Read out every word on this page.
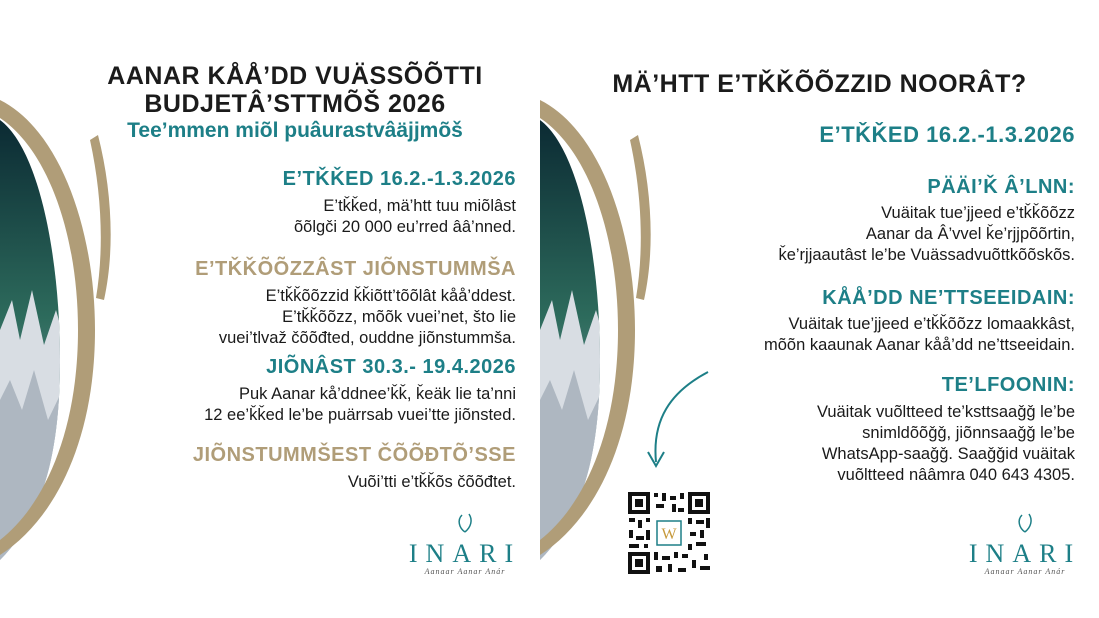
AANAR KÅÅ’DD VUÄSSÕÕTTI
BUDJETÂ’STTMÕŠ 2026
Tee’mmen miõl puâurastvâäjjmõš
E’TǨǨED 16.2.-1.3.2026
E’tǩǩed, mä’htt tuu miõlâst
õõlgči 20 000 eu’rred ââ’nned.
E’TǨǨÕÕZZÂST JIÕNSTUMMŠA
E’tǩǩõõzzid ǩǩiõtt’tõõlât kåå’ddest.
E’tǩǩõõzz, mõõk vuei’net, što lie
vuei’tlvaž čõõđted, ouddne jiõnstummša.
JIÕNÂST 30.3.- 19.4.2026
Puk Aanar kå’ddnee’ǩǩ, ǩeäk lie ta’nni
12 ee’ǩǩed le’be puärrsab vuei’tte jiõnsted.
JIÕNSTUMMŠEST ČÕÕĐTÕ’SSE
Vuõi’tti e’tǩǩõs čõõđtet.
INARI
Aanaar Aanar Anár
MÄ’HTT E’TǨǨÕÕZZID NOORÂT?
E’TǨǨED 16.2.-1.3.2026
PÄÄI’Ǩ Â’LNN:
Vuäitak tue’jjeed e’tǩǩõõzz
Aanar da Â’vvel ǩe’rjjpõõrtin,
ǩe’rjjaautâst le’be Vuässadvuõttkõõskõs.
KÅÅ’DD NE’TTSEEIDAIN:
Vuäitak tue’jjeed e’tǩǩõõzz lomaakkâst,
mõõn kaaunak Aanar kåå’dd ne’ttseeidain.
TE’LFOONIN:
Vuäitak vuõltteed te’ksttsaaǧǧ le’be
snimldõõǧǧ, jiõnnsaaǧǧ le’be
WhatsApp-saaǧǧ. Saaǧǧid vuäitak
vuõltteed nââmra 040 643 4305.
INARI
Aanaar Aanar Anár
W
